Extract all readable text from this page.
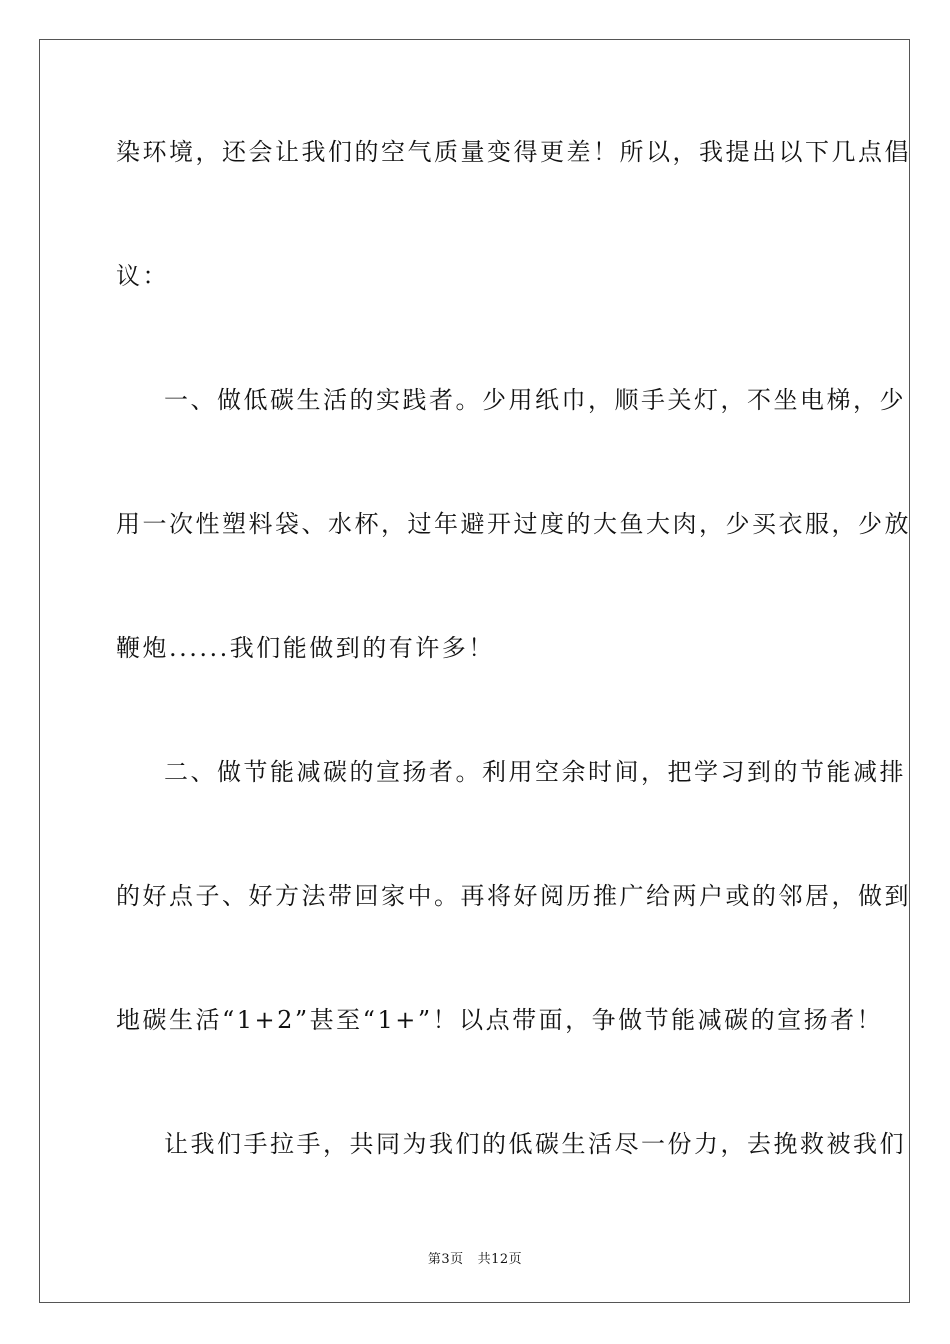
染环境，还会让我们的空气质量变得更差！所以，我提出以下几点倡
议：
一、做低碳生活的实践者。少用纸巾，顺手关灯，不坐电梯，少
用一次性塑料袋、水杯，过年避开过度的大鱼大肉，少买衣服，少放
鞭炮......我们能做到的有许多！
二、做节能减碳的宣扬者。利用空余时间，把学习到的节能减排
的好点子、好方法带回家中。再将好阅历推广给两户或的邻居，做到
地碳生活“1+2”甚至“1+”！以点带面，争做节能减碳的宣扬者！
让我们手拉手，共同为我们的低碳生活尽一份力，去挽救被我们
第3页 共12页
